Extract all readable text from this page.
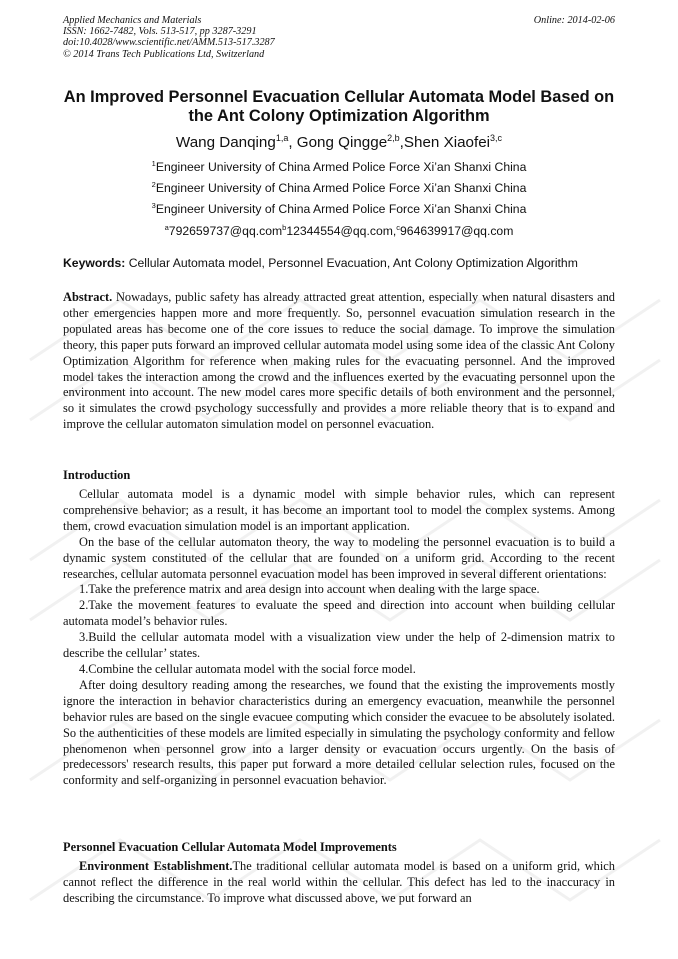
Applied Mechanics and Materials
ISSN: 1662-7482, Vols. 513-517, pp 3287-3291
doi:10.4028/www.scientific.net/AMM.513-517.3287
© 2014 Trans Tech Publications Ltd, Switzerland
Online: 2014-02-06
An Improved Personnel Evacuation Cellular Automata Model Based on
the Ant Colony Optimization Algorithm
Wang Danqing$^{1,a}$, Gong Qingge$^{2,b}$,Shen Xiaofei$^{3,c}$
$^1$Engineer University of China Armed Police Force Xi’an Shanxi China
$^2$Engineer University of China Armed Police Force Xi’an Shanxi China
$^3$Engineer University of China Armed Police Force Xi’an Shanxi China
$^a$792659737@qq.com$^b$12344554@qq.com,$^c$964639917@qq.com
Keywords: Cellular Automata model, Personnel Evacuation, Ant Colony Optimization Algorithm

Abstract. Nowadays, public safety has already attracted great attention, especially when natural disasters and other emergencies happen more and more frequently. So, personnel evacuation simulation research in the populated areas has become one of the core issues to reduce the social damage. To improve the simulation theory, this paper puts forward an improved cellular automata model using some idea of the classic Ant Colony Optimization Algorithm for reference when making rules for the evacuating personnel. And the improved model takes the interaction among the crowd and the influences exerted by the evacuating personnel upon the environment into account. The new model cares more specific details of both environment and the personnel, so it simulates the crowd psychology successfully and provides a more reliable theory that is to expand and improve the cellular automaton simulation model on personnel evacuation.

Introduction

Cellular automata model is a dynamic model with simple behavior rules, which can represent comprehensive behavior; as a result, it has become an important tool to model the complex systems. Among them, crowd evacuation simulation model is an important application.

On the base of the cellular automaton theory, the way to modeling the personnel evacuation is to build a dynamic system constituted of the cellular that are founded on a uniform grid. According to the recent researches, cellular automata personnel evacuation model has been improved in several different orientations:

1.Take the preference matrix and area design into account when dealing with the large space.

2.Take the movement features to evaluate the speed and direction into account when building cellular automata model’s behavior rules.

3.Build the cellular automata model with a visualization view under the help of 2-dimension matrix to describe the cellular’ states.

4.Combine the cellular automata model with the social force model.

After doing desultory reading among the researches, we found that the existing the improvements mostly ignore the interaction in behavior characteristics during an emergency evacuation, meanwhile the personnel behavior rules are based on the single evacuee computing which consider the evacuee to be absolutely isolated. So the authenticities of these models are limited especially in simulating the psychology conformity and fellow phenomenon when personnel grow into a larger density or evacuation occurs urgently. On the basis of predecessors' research results, this paper put forward a more detailed cellular selection rules, focused on the conformity and self-organizing in personnel evacuation behavior.

Personnel Evacuation Cellular Automata Model Improvements

Environment Establishment.The traditional cellular automata model is based on a uniform grid, which cannot reflect the difference in the real world within the cellular. This defect has led to the inaccuracy in describing the circumstance. To improve what discussed above, we put forward an
